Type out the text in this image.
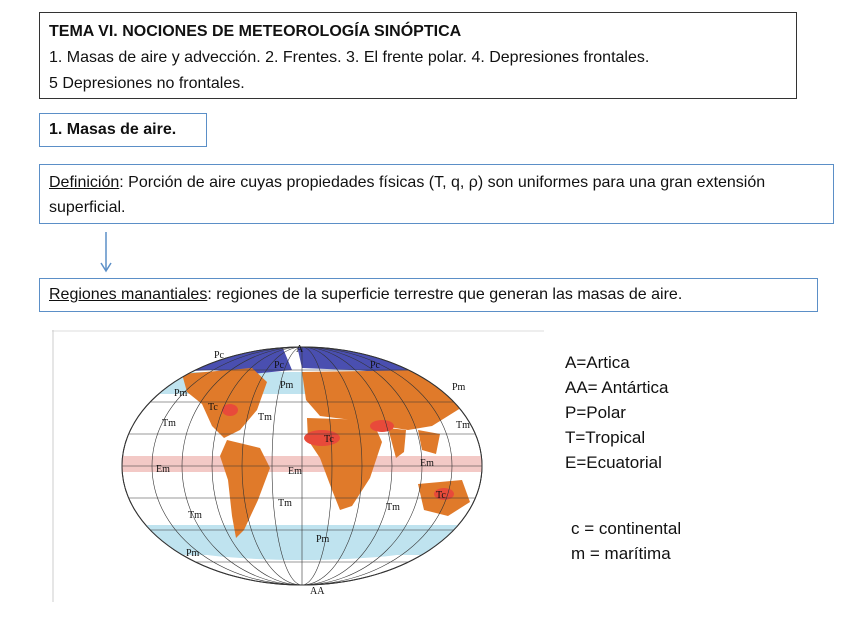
TEMA VI. NOCIONES DE METEOROLOGÍA SINÓPTICA
1. Masas de aire y advección. 2. Frentes. 3. El frente polar. 4. Depresiones frontales.
5 Depresiones no frontales.
1. Masas de aire.
Definición: Porción de aire cuyas propiedades físicas (T, q, ρ) son uniformes para una gran extensión superficial.
Regiones manantiales: regiones de la superficie terrestre que generan las masas de aire.
A
Pc
Pc	Pc
Pm
Pm	Pm
Tc
Tc
Tc
Tm
Tm
Tm
Tm	Tm
Tm
Em	Em
Em
Pm
Pm
AA
A=Artica
AA= Antártica
P=Polar
T=Tropical
E=Ecuatorial
c = continental
m = marítima
